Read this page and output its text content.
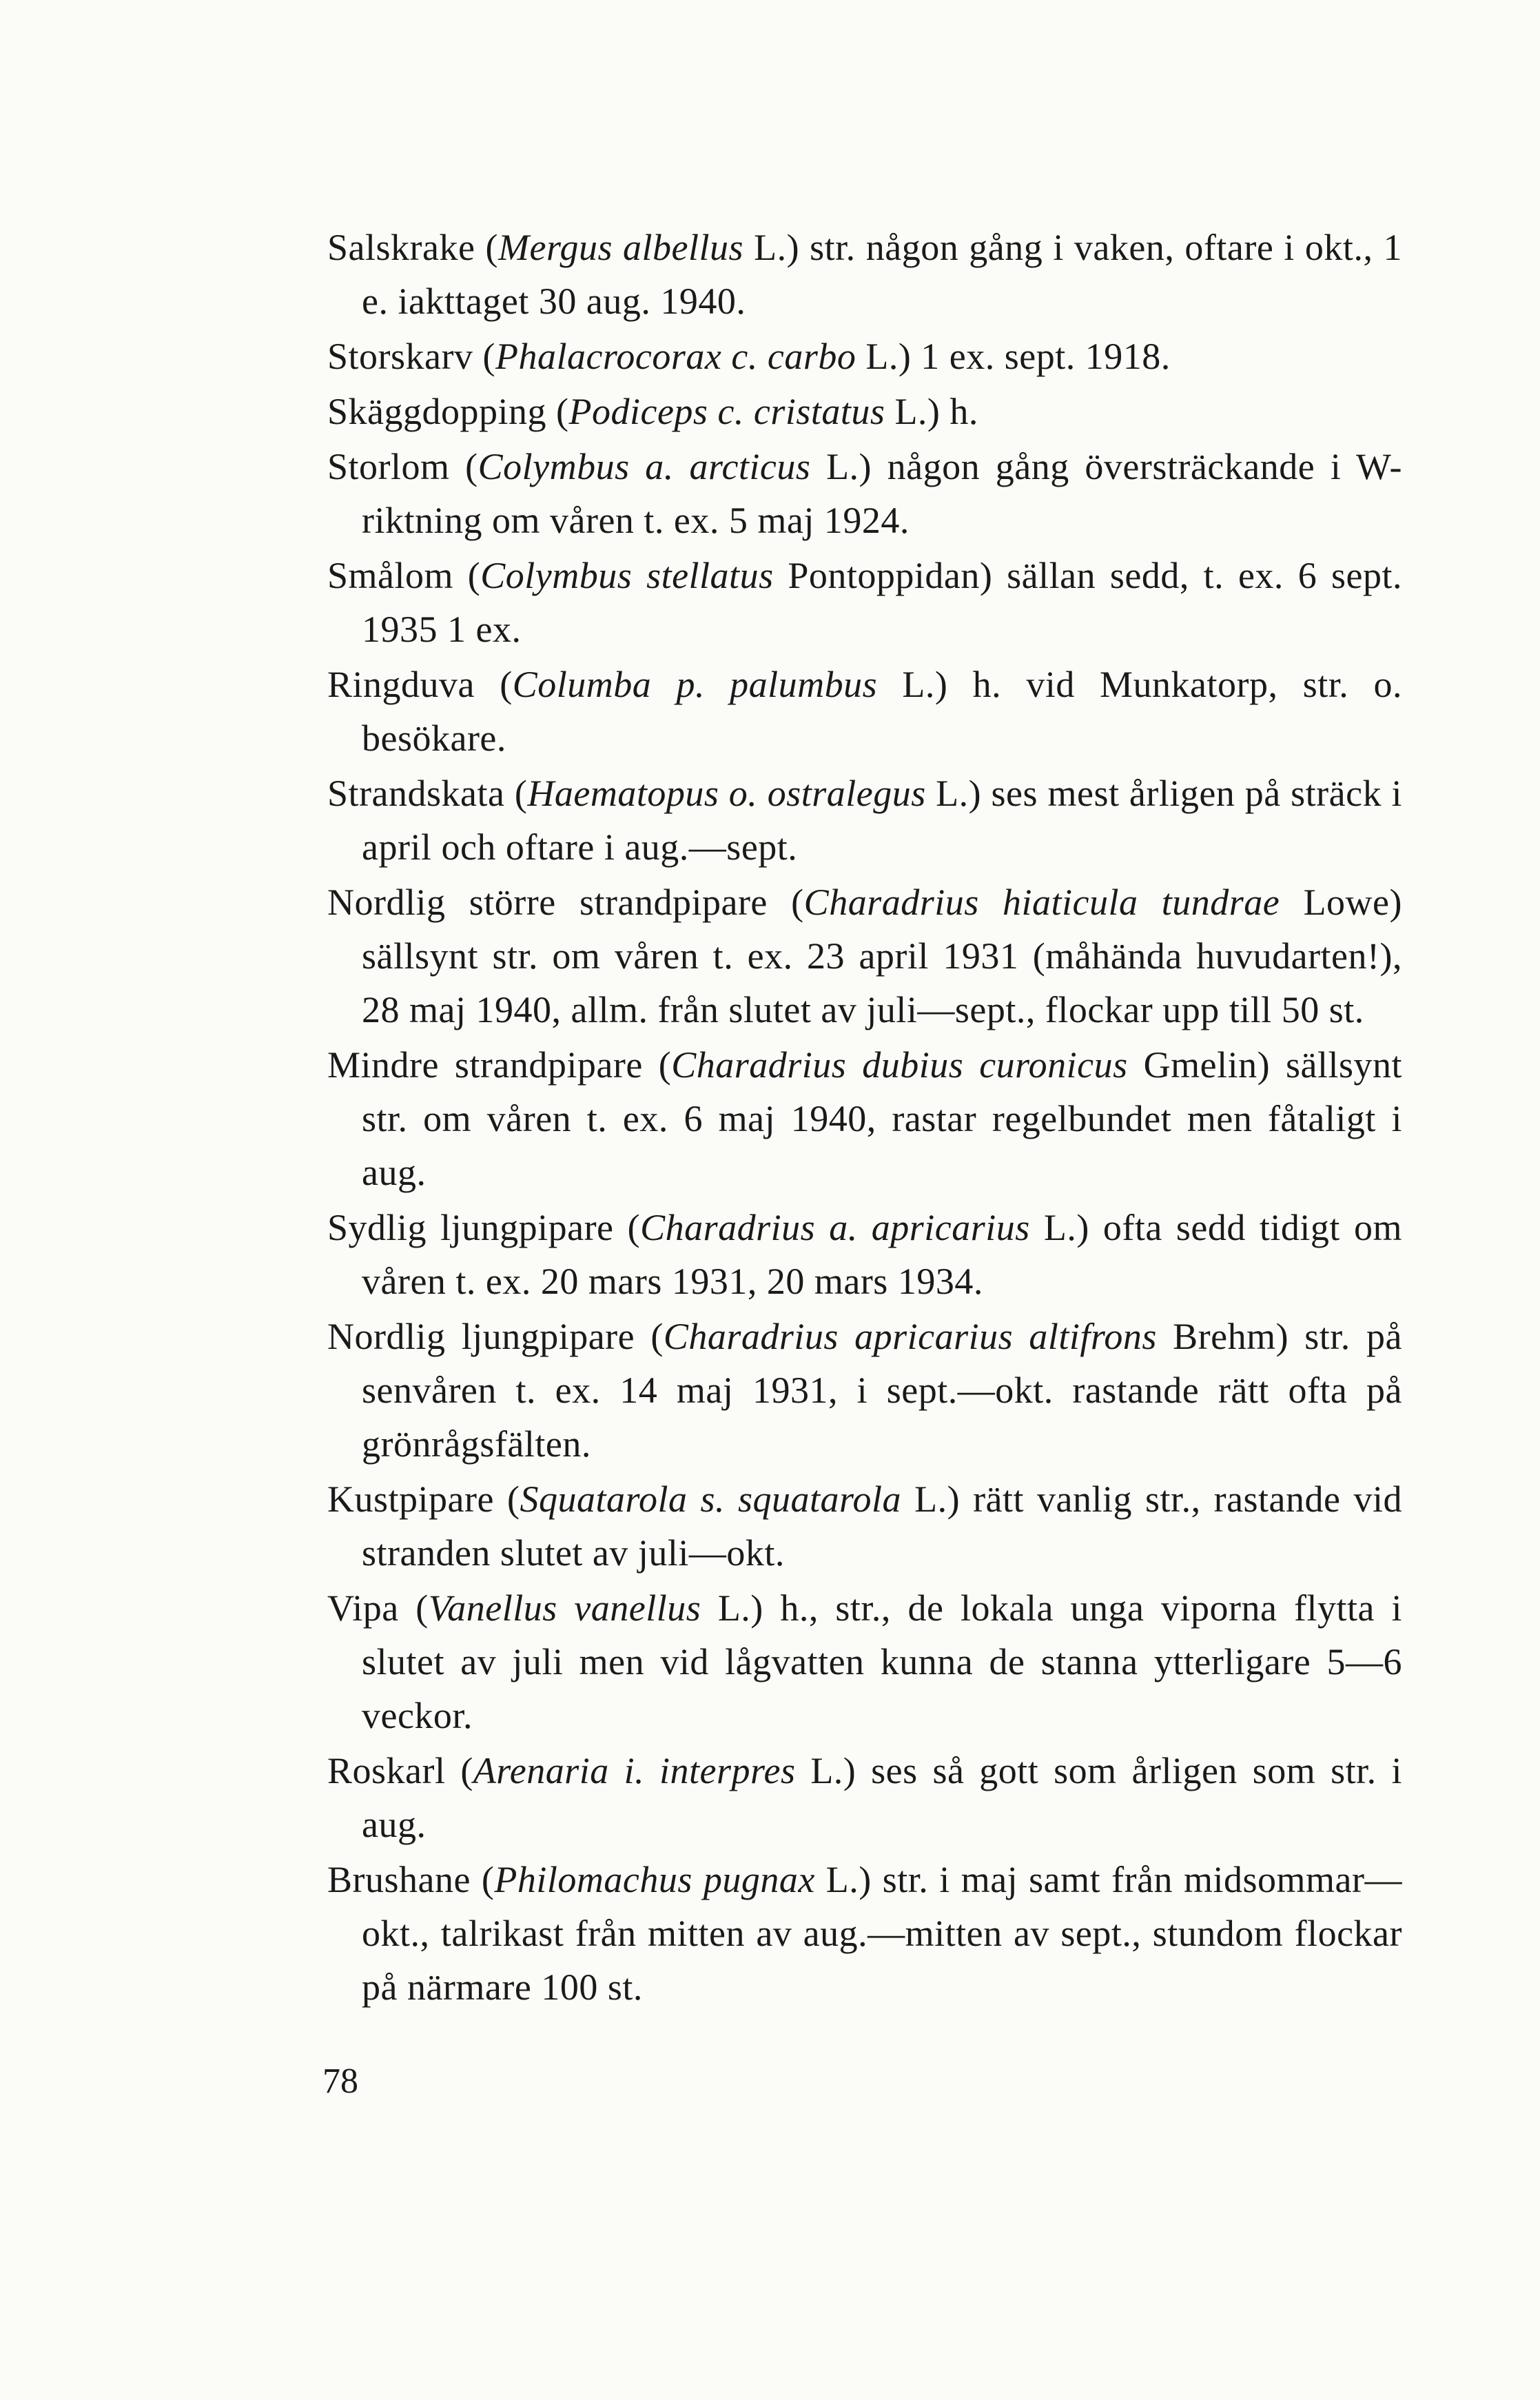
Salskrake (Mergus albellus L.) str. någon gång i vaken, oftare i okt., 1 e. iakttaget 30 aug. 1940.

Storskarv (Phalacrocorax c. carbo L.) 1 ex. sept. 1918.

Skäggdopping (Podiceps c. cristatus L.) h.

Storlom (Colymbus a. arcticus L.) någon gång översträckande i W-riktning om våren t. ex. 5 maj 1924.

Smålom (Colymbus stellatus Pontoppidan) sällan sedd, t. ex. 6 sept. 1935 1 ex.

Ringduva (Columba p. palumbus L.) h. vid Munkatorp, str. o. besökare.

Strandskata (Haematopus o. ostralegus L.) ses mest årligen på sträck i april och oftare i aug.—sept.

Nordlig större strandpipare (Charadrius hiaticula tundrae Lowe) sällsynt str. om våren t. ex. 23 april 1931 (måhända huvudarten!), 28 maj 1940, allm. från slutet av juli—sept., flockar upp till 50 st.

Mindre strandpipare (Charadrius dubius curonicus Gmelin) sällsynt str. om våren t. ex. 6 maj 1940, rastar regelbundet men fåtaligt i aug.

Sydlig ljungpipare (Charadrius a. apricarius L.) ofta sedd tidigt om våren t. ex. 20 mars 1931, 20 mars 1934.

Nordlig ljungpipare (Charadrius apricarius altifrons Brehm) str. på senvåren t. ex. 14 maj 1931, i sept.—okt. rastande rätt ofta på grönrågsfälten.

Kustpipare (Squatarola s. squatarola L.) rätt vanlig str., rastande vid stranden slutet av juli—okt.

Vipa (Vanellus vanellus L.) h., str., de lokala unga viporna flytta i slutet av juli men vid lågvatten kunna de stanna ytterligare 5—6 veckor.

Roskarl (Arenaria i. interpres L.) ses så gott som årligen som str. i aug.

Brushane (Philomachus pugnax L.) str. i maj samt från midsommar—okt., talrikast från mitten av aug.—mitten av sept., stundom flockar på närmare 100 st.

78
